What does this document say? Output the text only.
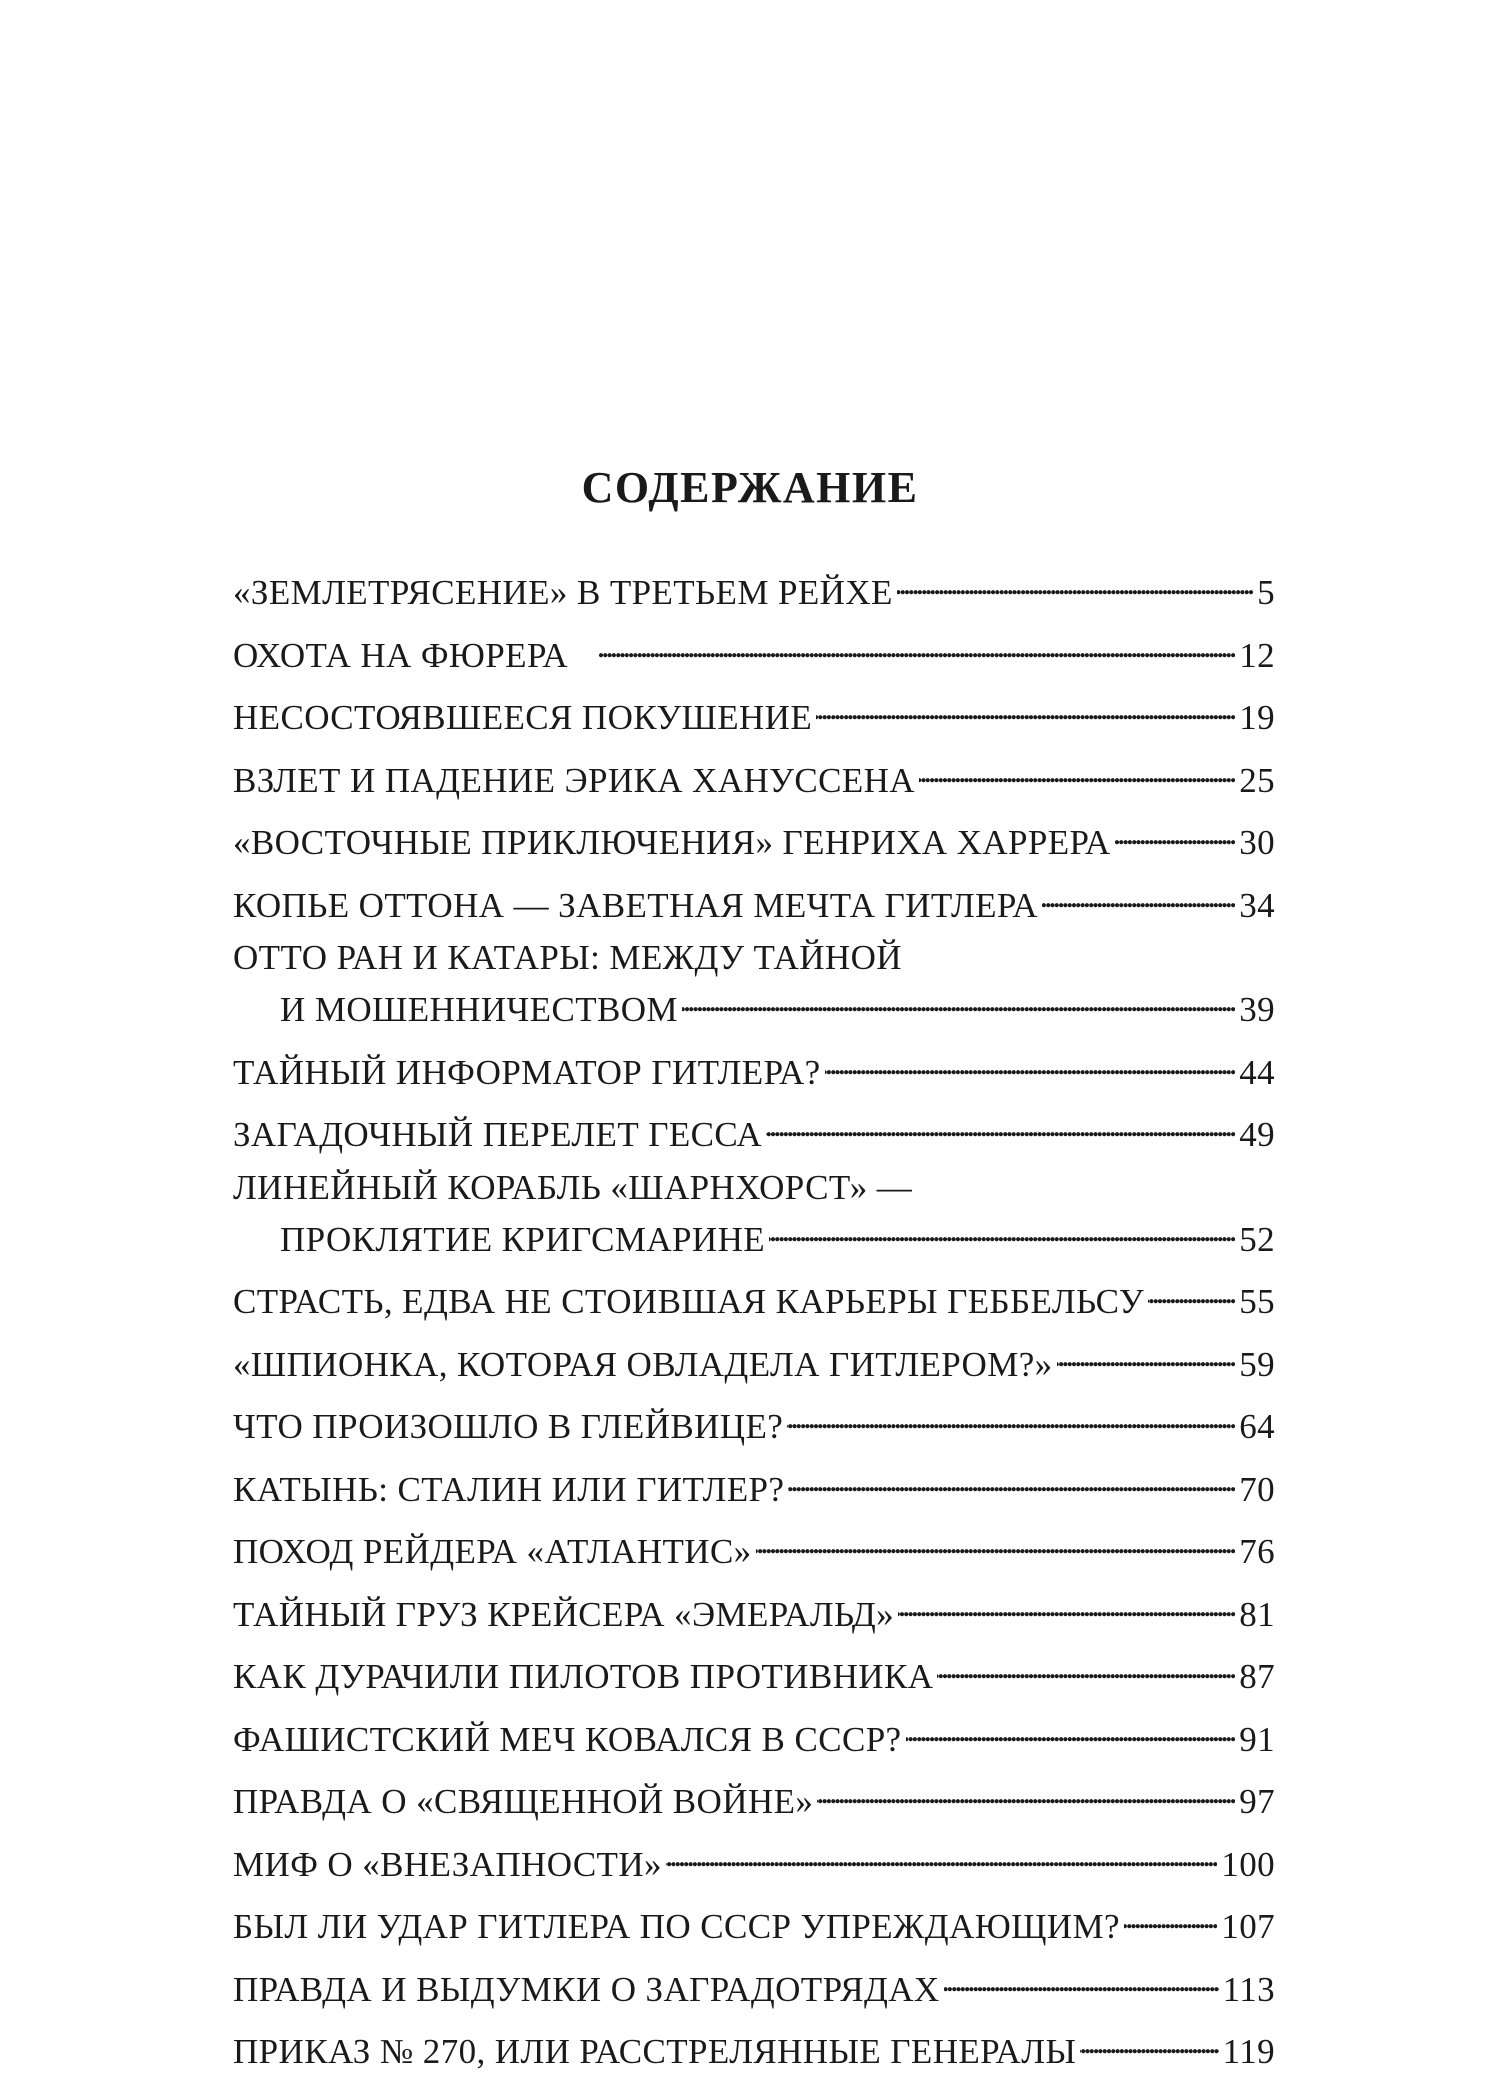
СОДЕРЖАНИЕ
«ЗЕМЛЕТРЯСЕНИЕ» В ТРЕТЬЕМ РЕЙХЕ . . .	5
ОХОТА НА ФЮРЕРА . . .	12
НЕСОСТОЯВШЕЕСЯ ПОКУШЕНИЕ . . .	19
ВЗЛЕТ И ПАДЕНИЕ ЭРИКА ХАНУССЕНА . . .	25
«ВОСТОЧНЫЕ ПРИКЛЮЧЕНИЯ» ГЕНРИХА ХАРРЕРА . . .	30
КОПЬЕ ОТТОНА — ЗАВЕТНАЯ МЕЧТА ГИТЛЕРА . . .	34
ОТТО РАН И КАТАРЫ: МЕЖДУ ТАЙНОЙ
И МОШЕННИЧЕСТВОМ . . .	39
ТАЙНЫЙ ИНФОРМАТОР ГИТЛЕРА? . . .	44
ЗАГАДОЧНЫЙ ПЕРЕЛЕТ ГЕССА . . .	49
ЛИНЕЙНЫЙ КОРАБЛЬ «ШАРНХОРСТ» —
ПРОКЛЯТИЕ КРИГСМАРИНЕ . . .	52
СТРАСТЬ, ЕДВА НЕ СТОИВШАЯ КАРЬЕРЫ ГЕББЕЛЬСУ . . .	55
«ШПИОНКА, КОТОРАЯ ОВЛАДЕЛА ГИТЛЕРОМ?» . . .	59
ЧТО ПРОИЗОШЛО В ГЛЕЙВИЦЕ? . . .	64
КАТЫНЬ: СТАЛИН ИЛИ ГИТЛЕР? . . .	70
ПОХОД РЕЙДЕРА «АТЛАНТИС» . . .	76
ТАЙНЫЙ ГРУЗ КРЕЙСЕРА «ЭМЕРАЛЬД» . . .	81
КАК ДУРАЧИЛИ ПИЛОТОВ ПРОТИВНИКА . . .	87
ФАШИСТСКИЙ МЕЧ КОВАЛСЯ В СССР? . . .	91
ПРАВДА О «СВЯЩЕННОЙ ВОЙНЕ» . . .	97
МИФ О «ВНЕЗАПНОСТИ» . . .	100
БЫЛ ЛИ УДАР ГИТЛЕРА ПО СССР УПРЕЖДАЮЩИМ? . . .	107
ПРАВДА И ВЫДУМКИ О ЗАГРАДОТРЯДАХ . . .	113
ПРИКАЗ № 270, ИЛИ РАССТРЕЛЯННЫЕ ГЕНЕРАЛЫ . . .	119
